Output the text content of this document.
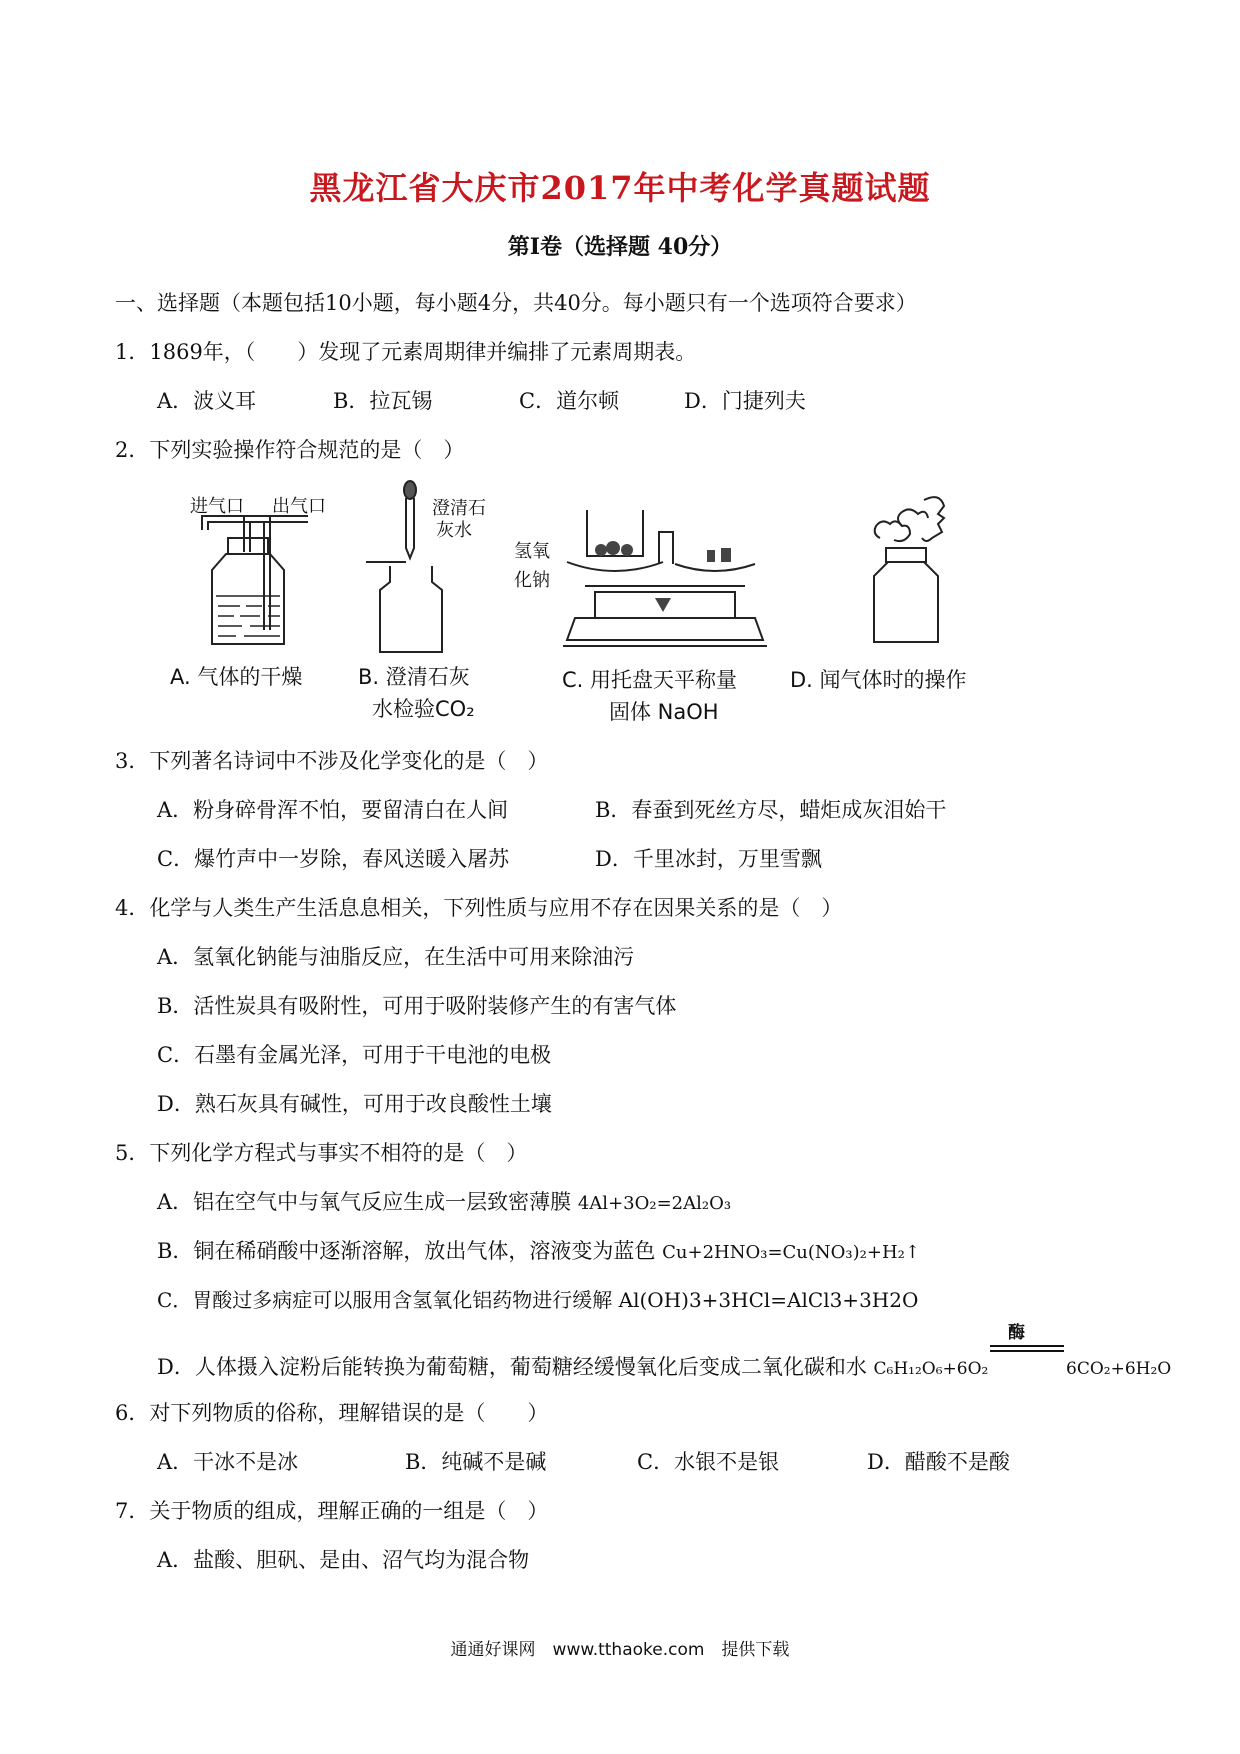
黑龙江省大庆市2017年中考化学真题试题
第Ⅰ卷（选择题 40分）
一、选择题（本题包括10小题，每小题4分，共40分。每小题只有一个选项符合要求）
1．1869年，（　　）发现了元素周期律并编排了元素周期表。
A．波义耳	B．拉瓦锡	C．道尔顿	D．门捷列夫
2．下列实验操作符合规范的是（　）
进气口 出气口
A. 气体的干燥
澄清石
灰水
B. 澄清石灰
水检验CO₂
氢氧
化钠
C. 用托盘天平称量
固体 NaOH
D. 闻气体时的操作
3．下列著名诗词中不涉及化学变化的是（　）
A．粉身碎骨浑不怕，要留清白在人间	B．春蚕到死丝方尽，蜡炬成灰泪始干
C．爆竹声中一岁除，春风送暖入屠苏	D．千里冰封，万里雪飘
4．化学与人类生产生活息息相关，下列性质与应用不存在因果关系的是（　）
A．氢氧化钠能与油脂反应，在生活中可用来除油污
B．活性炭具有吸附性，可用于吸附装修产生的有害气体
C．石墨有金属光泽，可用于干电池的电极
D．熟石灰具有碱性，可用于改良酸性土壤
5．下列化学方程式与事实不相符的是（　）
A．铝在空气中与氧气反应生成一层致密薄膜 4Al+3O₂=2Al₂O₃
B．铜在稀硝酸中逐渐溶解，放出气体，溶液变为蓝色 Cu+2HNO₃=Cu(NO₃)₂+H₂↑
C．胃酸过多病症可以服用含氢氧化铝药物进行缓解 Al(OH)3+3HCl=AlCl3+3H2O
D．人体摄入淀粉后能转换为葡萄糖，葡萄糖经缓慢氧化后变成二氧化碳和水 C₆H₁₂O₆+6O₂
酶
6CO₂+6H₂O
6．对下列物质的俗称，理解错误的是（　　）
A．干冰不是冰	B．纯碱不是碱	C．水银不是银	D．醋酸不是酸
7．关于物质的组成，理解正确的一组是（　）
A．盐酸、胆矾、是由、沼气均为混合物
通通好课网　www.tthaoke.com　提供下载
